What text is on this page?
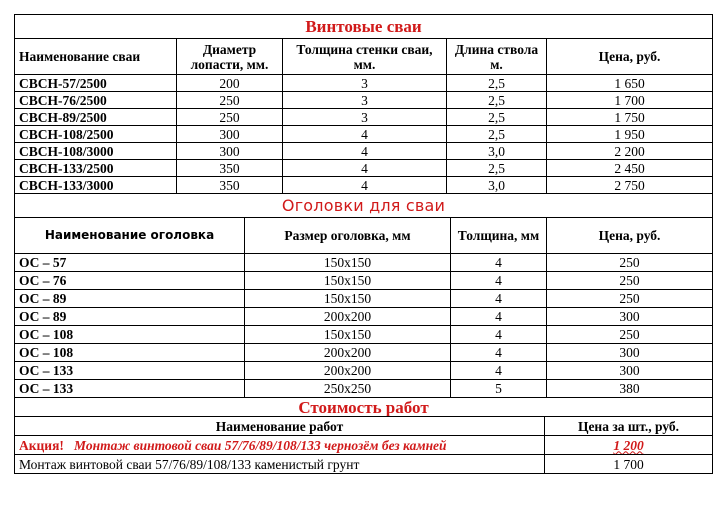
Винтовые сваи				
Наименование сваи	Диаметр лопасти, мм.	Толщина стенки сваи, мм.	Длина ствола м.	Цена, руб.
СВСН-57/2500	200	3	2,5	1 650
СВСН-76/2500	250	3	2,5	1 700
СВСН-89/2500	250	3	2,5	1 750
СВСН-108/2500	300	4	2,5	1 950
СВСН-108/3000	300	4	3,0	2 200
СВСН-133/2500	350	4	2,5	2 450
СВСН-133/3000	350	4	3,0	2 750
Оголовки для сваи			
Наименование оголовка	Размер оголовка, мм	Толщина, мм	Цена, руб.
ОС – 57	150х150	4	250
ОС – 76	150х150	4	250
ОС – 89	150х150	4	250
ОС – 89	200х200	4	300
ОС – 108	150х150	4	250
ОС – 108	200х200	4	300
ОС – 133	200х200	4	300
ОС – 133	250х250	5	380
Стоимость работ	
Наименование работ	Цена за шт., руб.
Акция! Монтаж винтовой сваи 57/76/89/108/133 чернозём без камней	1 200
Монтаж винтовой сваи 57/76/89/108/133 каменистый грунт	1 700
